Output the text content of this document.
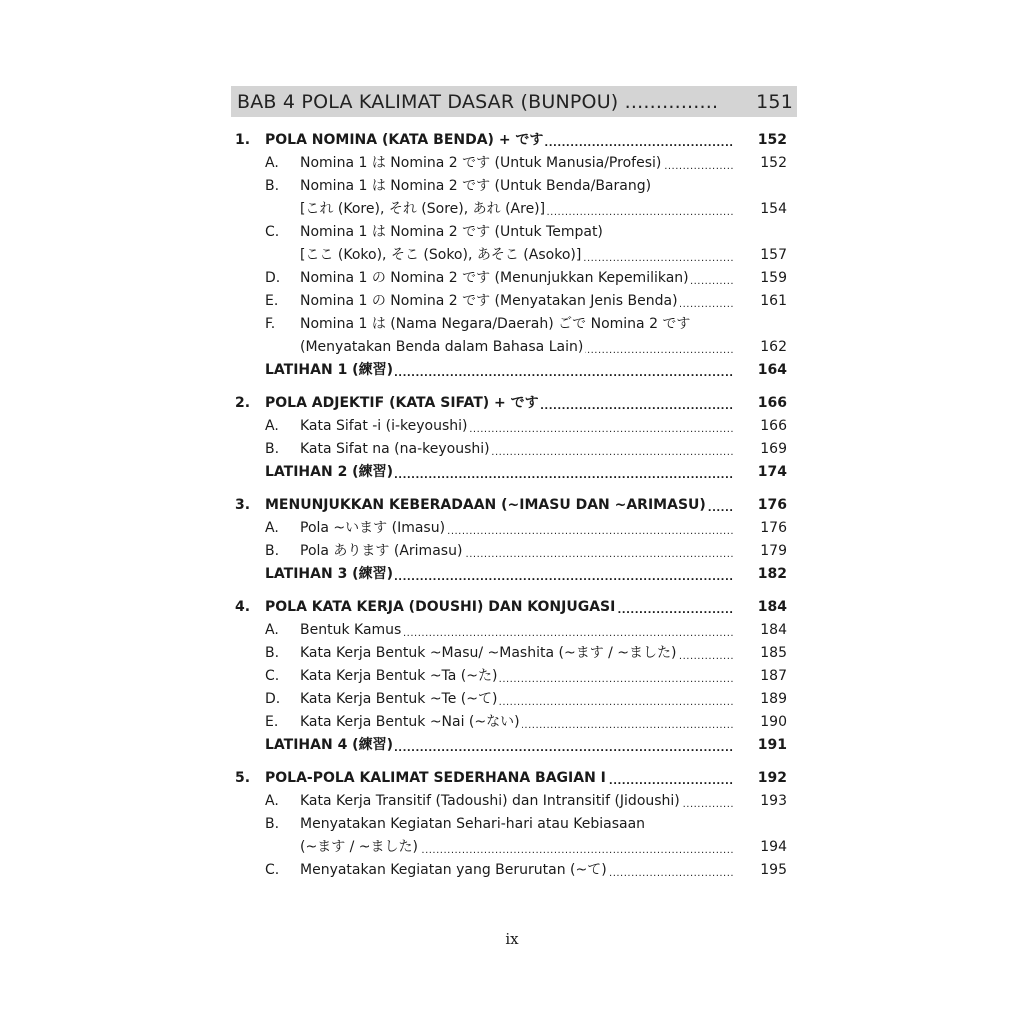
BAB 4 POLA KALIMAT DASAR (BUNPOU) ...............	151
1.	POLA NOMINA (KATA BENDA) + です .....	152
A.	Nomina 1 は Nomina 2 です (Untuk Manusia/Profesi) .....	152
B.	Nomina 1 は Nomina 2 です (Untuk Benda/Barang)
[これ (Kore), それ (Sore), あれ (Are)] .....	154
C.	Nomina 1 は Nomina 2 です (Untuk Tempat)
[ここ (Koko), そこ (Soko), あそこ (Asoko)] .....	157
D.	Nomina 1 の Nomina 2 です (Menunjukkan Kepemilikan) .....	159
E.	Nomina 1 の Nomina 2 です (Menyatakan Jenis Benda) .....	161
F.	Nomina 1 は (Nama Negara/Daerah) ごで Nomina 2 です
(Menyatakan Benda dalam Bahasa Lain) .....	162
LATIHAN 1 (練習) .....	164
2.	POLA ADJEKTIF (KATA SIFAT) + です .....	166
A.	Kata Sifat -i (i-keyoushi) .....	166
B.	Kata Sifat na (na-keyoushi) .....	169
LATIHAN 2 (練習) .....	174
3.	MENUNJUKKAN KEBERADAAN (~IMASU DAN ~ARIMASU) .....	176
A.	Pola ~います (Imasu) .....	176
B.	Pola あります (Arimasu) .....	179
LATIHAN 3 (練習) .....	182
4.	POLA KATA KERJA (DOUSHI) DAN KONJUGASI .....	184
A.	Bentuk Kamus .....	184
B.	Kata Kerja Bentuk ~Masu/ ~Mashita (~ます / ~ました) .....	185
C.	Kata Kerja Bentuk ~Ta (~た) .....	187
D.	Kata Kerja Bentuk ~Te (~て) .....	189
E.	Kata Kerja Bentuk ~Nai (~ない) .....	190
LATIHAN 4 (練習) .....	191
5.	POLA-POLA KALIMAT SEDERHANA BAGIAN I .....	192
A.	Kata Kerja Transitif (Tadoushi) dan Intransitif (Jidoushi) .....	193
B.	Menyatakan Kegiatan Sehari-hari atau Kebiasaan
(~ます / ~ました) .....	194
C.	Menyatakan Kegiatan yang Berurutan (~て) .....	195
ix
